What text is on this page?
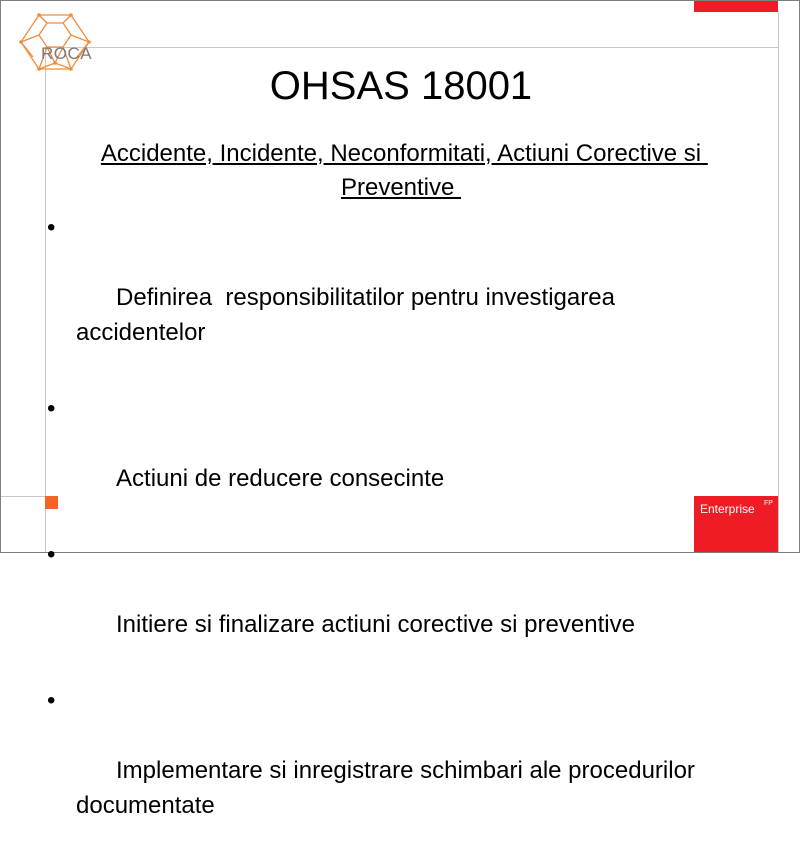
ROCA
OHSAS 18001
Accidente, Incidente, Neconformitati, Actiuni Corective si Preventive

•

Definirea  responsibilitatilor pentru investigarea accidentelor

•

Actiuni de reducere consecinte

•

Initiere si finalizare actiuni corective si preventive

•

Implementare si inregistrare schimbari ale procedurilor documentate

Enterprise FP
